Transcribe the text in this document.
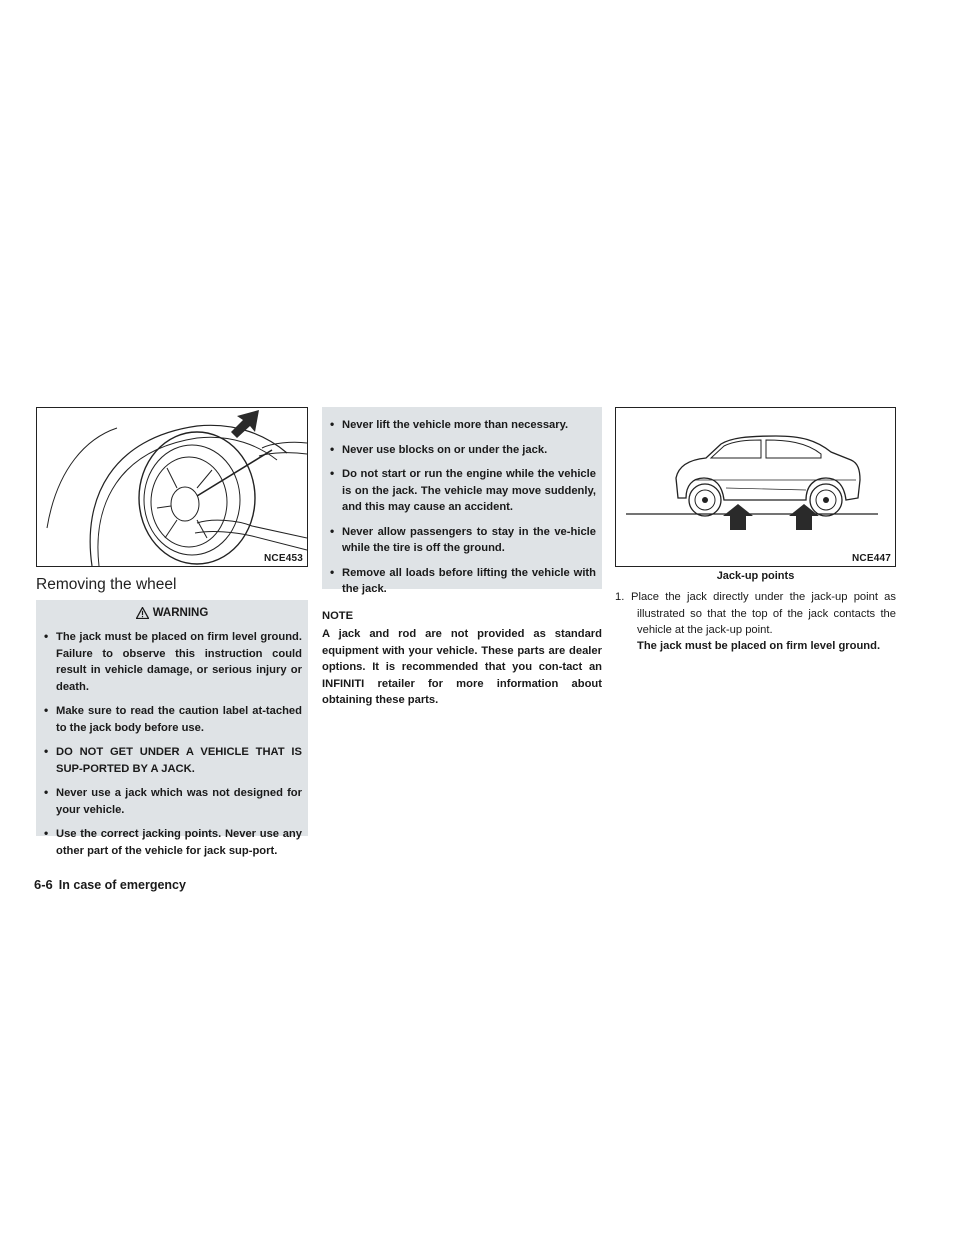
NCE453
Removing the wheel
WARNING
• The jack must be placed on firm level ground. Failure to observe this instruction could result in vehicle damage, or serious injury or death.
• Make sure to read the caution label at-tached to the jack body before use.
• DO NOT GET UNDER A VEHICLE THAT IS SUP-PORTED BY A JACK.
• Never use a jack which was not designed for your vehicle.
• Use the correct jacking points. Never use any other part of the vehicle for jack sup-port.
• Never lift the vehicle more than necessary.
• Never use blocks on or under the jack.
• Do not start or run the engine while the vehicle is on the jack. The vehicle may move suddenly, and this may cause an accident.
• Never allow passengers to stay in the ve-hicle while the tire is off the ground.
• Remove all loads before lifting the vehicle with the jack.
NOTE
A jack and rod are not provided as standard equipment with your vehicle. These parts are dealer options. It is recommended that you con-tact an INFINITI retailer for more information about obtaining these parts.
NCE447
Jack-up points
1. Place the jack directly under the jack-up point as illustrated so that the top of the jack contacts the vehicle at the jack-up point.
The jack must be placed on firm level ground.
6-6 In case of emergency
